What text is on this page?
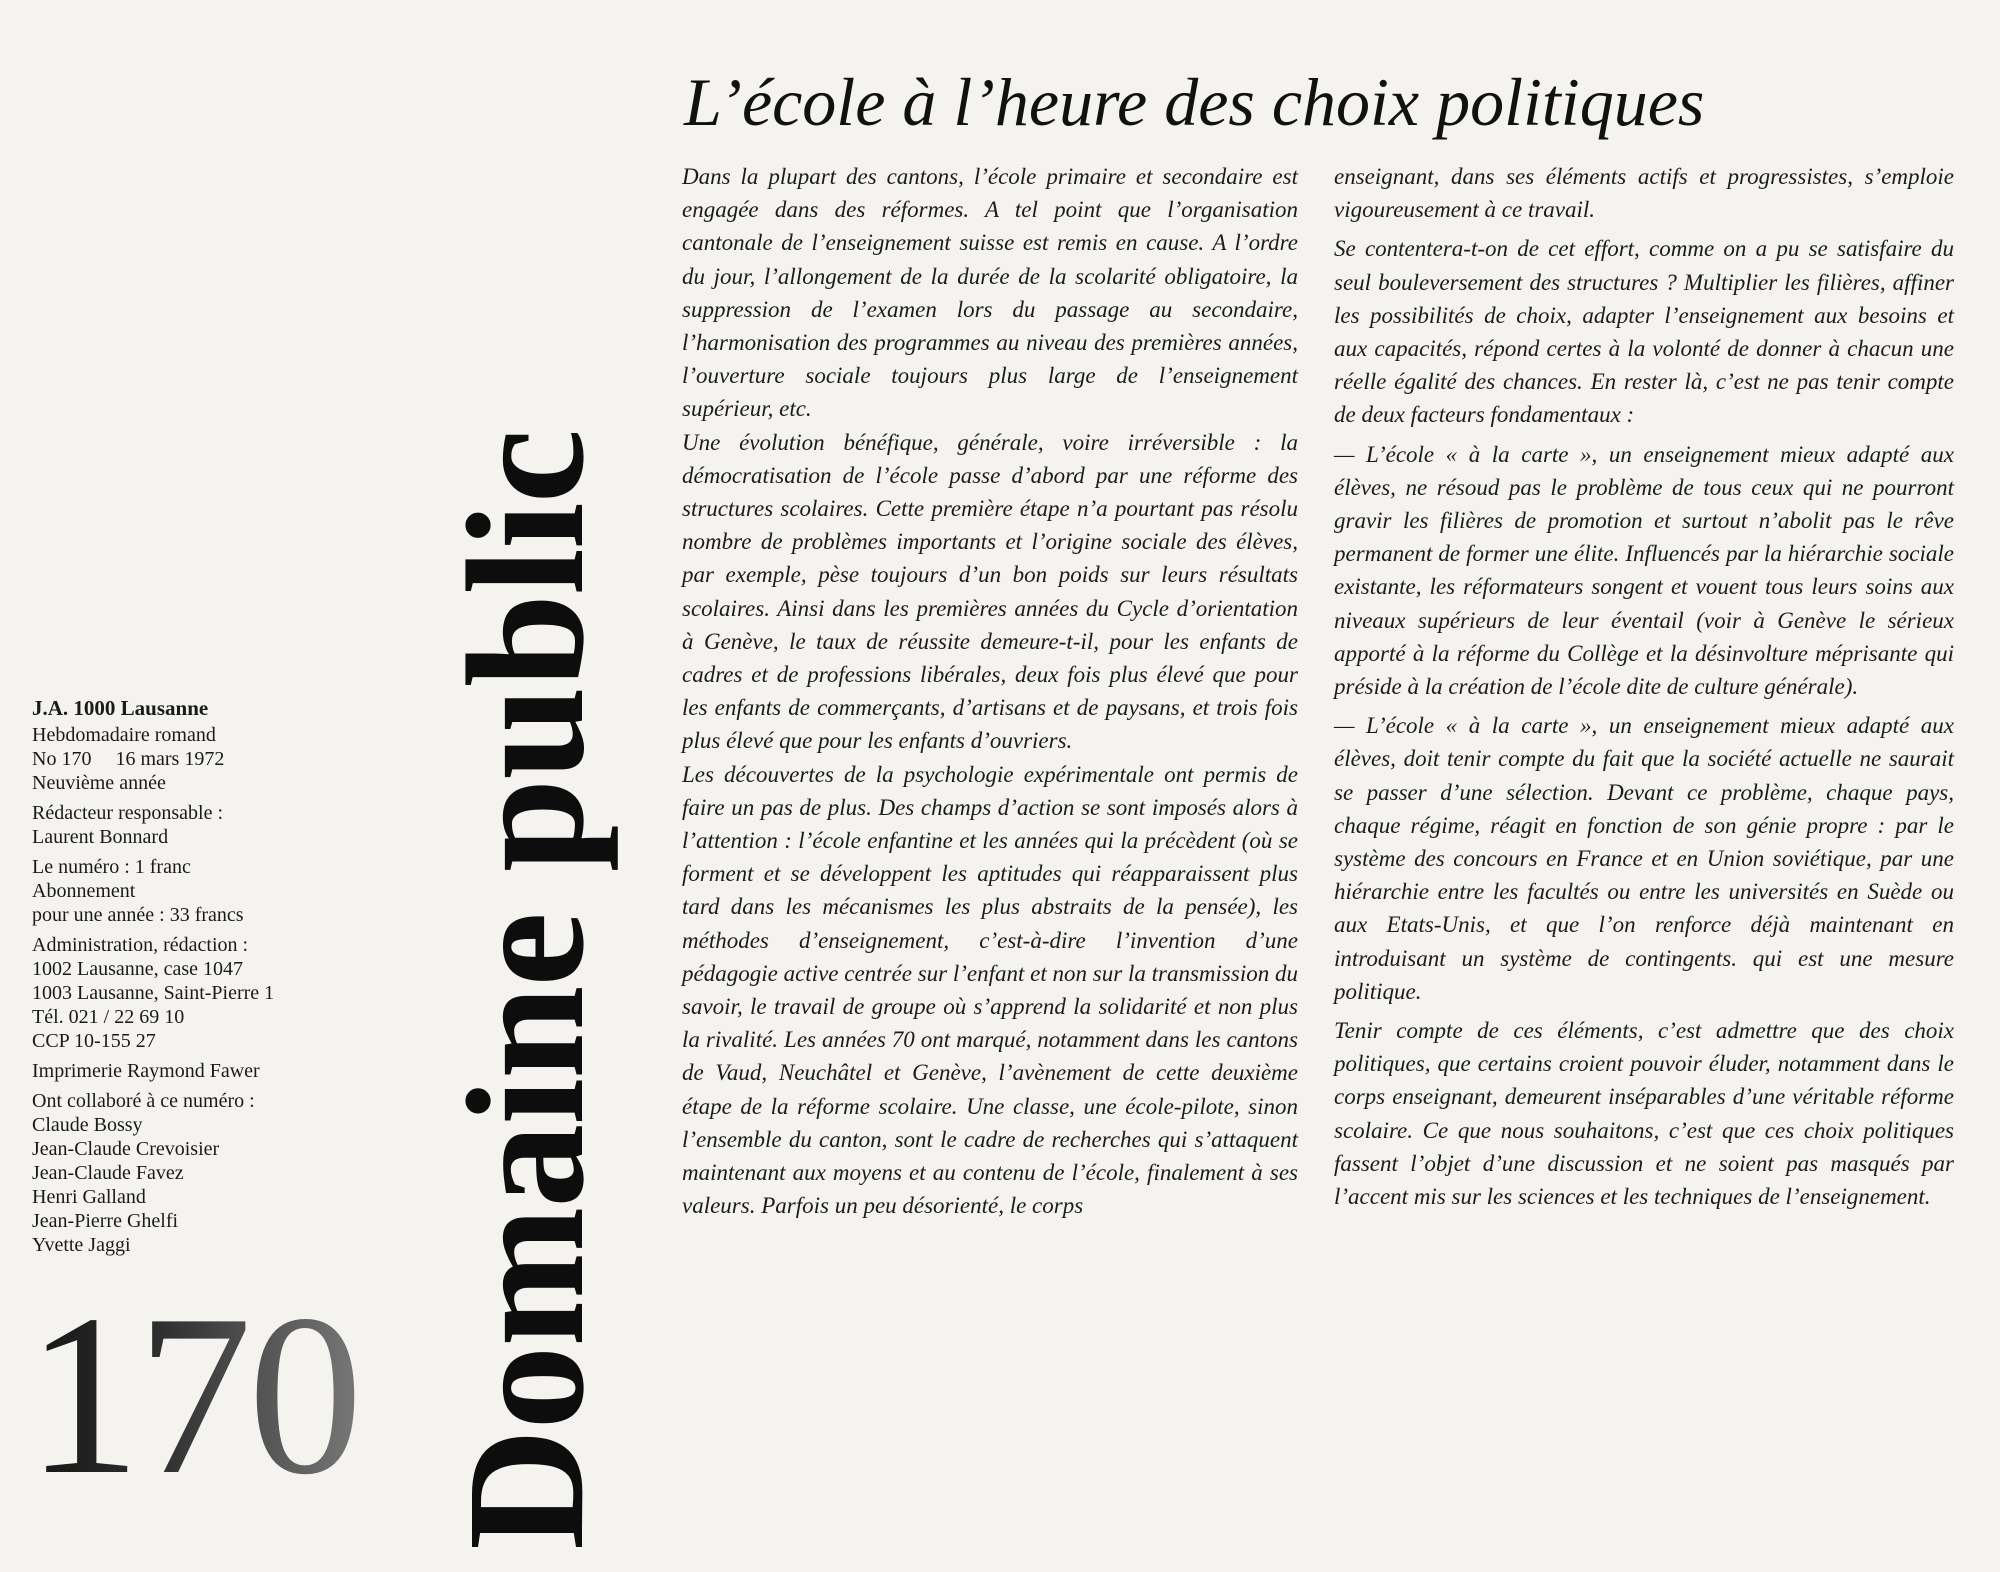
L’école à l’heure des choix politiques
Domaine public
J.A. 1000 Lausanne
Hebdomadaire romand
No 170 16 mars 1972
Neuvième année
Rédacteur responsable :
Laurent Bonnard
Le numéro : 1 franc
Abonnement
pour une année : 33 francs
Administration, rédaction :
1002 Lausanne, case 1047
1003 Lausanne, Saint-Pierre 1
Tél. 021 / 22 69 10
CCP 10-155 27
Imprimerie Raymond Fawer
Ont collaboré à ce numéro :
Claude Bossy
Jean-Claude Crevoisier
Jean-Claude Favez
Henri Galland
Jean-Pierre Ghelfi
Yvette Jaggi
170

Dans la plupart des cantons, l’école primaire et secondaire est engagée dans des réformes. A tel point que l’organisation cantonale de l’enseignement suisse est remis en cause. A l’ordre du jour, l’allongement de la durée de la scolarité obligatoire, la suppression de l’examen lors du passage au secondaire, l’harmonisation des programmes au niveau des premières années, l’ouverture sociale toujours plus large de l’enseignement supérieur, etc.

Une évolution bénéfique, générale, voire irréversible : la démocratisation de l’école passe d’abord par une réforme des structures scolaires. Cette première étape n’a pourtant pas résolu nombre de problèmes importants et l’origine sociale des élèves, par exemple, pèse toujours d’un bon poids sur leurs résultats scolaires. Ainsi dans les premières années du Cycle d’orientation à Genève, le taux de réussite demeure-t-il, pour les enfants de cadres et de professions libérales, deux fois plus élevé que pour les enfants de commerçants, d’artisans et de paysans, et trois fois plus élevé que pour les enfants d’ouvriers.

Les découvertes de la psychologie expérimentale ont permis de faire un pas de plus. Des champs d’action se sont imposés alors à l’attention : l’école enfantine et les années qui la précèdent (où se forment et se développent les aptitudes qui réapparaissent plus tard dans les mécanismes les plus abstraits de la pensée), les méthodes d’enseignement, c’est-à-dire l’invention d’une pédagogie active centrée sur l’enfant et non sur la transmission du savoir, le travail de groupe où s’apprend la solidarité et non plus la rivalité. Les années 70 ont marqué, notamment dans les cantons de Vaud, Neuchâtel et Genève, l’avènement de cette deuxième étape de la réforme scolaire. Une classe, une école-pilote, sinon l’ensemble du canton, sont le cadre de recherches qui s’attaquent maintenant aux moyens et au contenu de l’école, finalement à ses valeurs. Parfois un peu désorienté, le corps

enseignant, dans ses éléments actifs et progressistes, s’emploie vigoureusement à ce travail.

Se contentera-t-on de cet effort, comme on a pu se satisfaire du seul bouleversement des structures ? Multiplier les filières, affiner les possibilités de choix, adapter l’enseignement aux besoins et aux capacités, répond certes à la volonté de donner à chacun une réelle égalité des chances. En rester là, c’est ne pas tenir compte de deux facteurs fondamentaux :

— L’école « à la carte », un enseignement mieux adapté aux élèves, ne résoud pas le problème de tous ceux qui ne pourront gravir les filières de promotion et surtout n’abolit pas le rêve permanent de former une élite. Influencés par la hiérarchie sociale existante, les réformateurs songent et vouent tous leurs soins aux niveaux supérieurs de leur éventail (voir à Genève le sérieux apporté à la réforme du Collège et la désinvolture méprisante qui préside à la création de l’école dite de culture générale).

— L’école « à la carte », un enseignement mieux adapté aux élèves, doit tenir compte du fait que la société actuelle ne saurait se passer d’une sélection. Devant ce problème, chaque pays, chaque régime, réagit en fonction de son génie propre : par le système des concours en France et en Union soviétique, par une hiérarchie entre les facultés ou entre les universités en Suède ou aux Etats-Unis, et que l’on renforce déjà maintenant en introduisant un système de contingents. qui est une mesure politique.

Tenir compte de ces éléments, c’est admettre que des choix politiques, que certains croient pouvoir éluder, notamment dans le corps enseignant, demeurent inséparables d’une véritable réforme scolaire. Ce que nous souhaitons, c’est que ces choix politiques fassent l’objet d’une discussion et ne soient pas masqués par l’accent mis sur les sciences et les techniques de l’enseignement.
